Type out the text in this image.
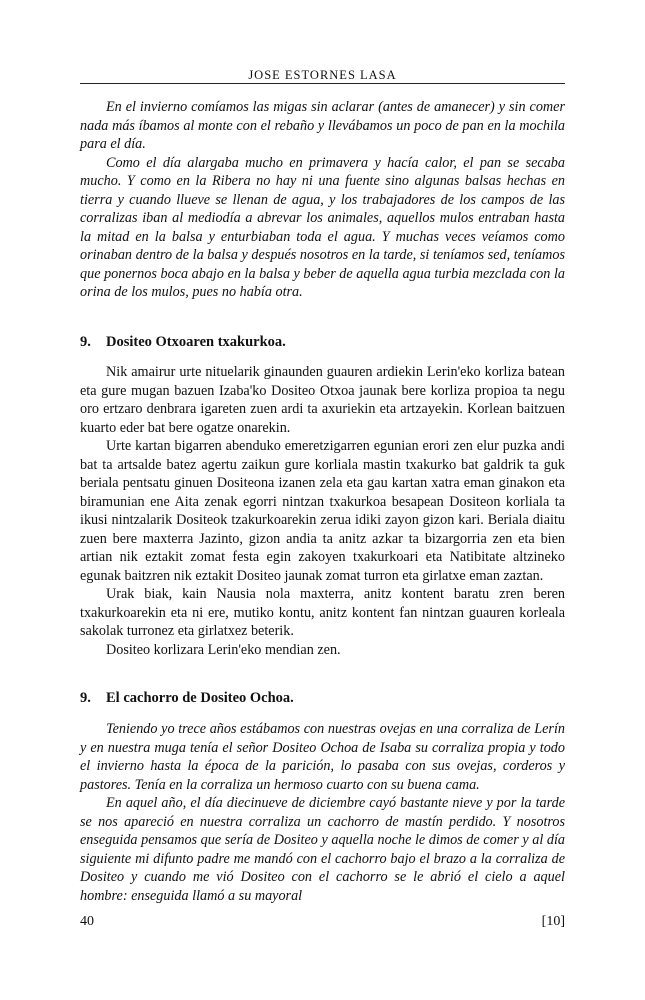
JOSE ESTORNES LASA

En el invierno comíamos las migas sin aclarar (antes de amanecer) y sin comer nada más íbamos al monte con el rebaño y llevábamos un poco de pan en la mochila para el día.

Como el día alargaba mucho en primavera y hacía calor, el pan se secaba mucho. Y como en la Ribera no hay ni una fuente sino algunas balsas hechas en tierra y cuando llueve se llenan de agua, y los trabajadores de los campos de las corralizas iban al mediodía a abrevar los animales, aquellos mulos entraban hasta la mitad en la balsa y enturbiaban toda el agua. Y muchas veces veíamos como orinaban dentro de la balsa y después nosotros en la tarde, si teníamos sed, teníamos que ponernos boca abajo en la balsa y beber de aquella agua turbia mezclada con la orina de los mulos, pues no había otra.

9. Dositeo Otxoaren txakurkoa.

Nik amairur urte nituelarik ginaunden guauren ardiekin Lerin'eko korliza batean eta gure mugan bazuen Izaba'ko Dositeo Otxoa jaunak bere korliza propioa ta negu oro ertzaro denbrara igareten zuen ardi ta axuriekin eta artzayekin. Korlean baitzuen kuarto eder bat bere ogatze onarekin.

Urte kartan bigarren abenduko emeretzigarren egunian erori zen elur puzka andi bat ta artsalde batez agertu zaikun gure korliala mastin txakurko bat galdrik ta guk beriala pentsatu ginuen Dositeona izanen zela eta gau kartan xatra eman ginakon eta biramunian ene Aita zenak egorri nintzan txakurkoa besapean Dositeon korliala ta ikusi nintzalarik Dositeok tzakurkoarekin zerua idiki zayon gizon kari. Beriala diaitu zuen bere maxterra Jazinto, gizon andia ta anitz azkar ta bizargorria zen eta bien artian nik eztakit zomat festa egin zakoyen txakurkoari eta Natibitate altzineko egunak baitzren nik eztakit Dositeo jaunak zomat turron eta girlatxe eman zaztan.

Urak biak, kain Nausia nola maxterra, anitz kontent baratu zren beren txakurkoarekin eta ni ere, mutiko kontu, anitz kontent fan nintzan guauren korleala sakolak turronez eta girlatxez beterik.

Dositeo korlizara Lerin'eko mendian zen.

9. El cachorro de Dositeo Ochoa.

Teniendo yo trece años estábamos con nuestras ovejas en una corraliza de Lerín y en nuestra muga tenía el señor Dositeo Ochoa de Isaba su corraliza propia y todo el invierno hasta la época de la parición, lo pasaba con sus ovejas, corderos y pastores. Tenía en la corraliza un hermoso cuarto con su buena cama.

En aquel año, el día diecinueve de diciembre cayó bastante nieve y por la tarde se nos apareció en nuestra corraliza un cachorro de mastín perdido. Y nosotros enseguida pensamos que sería de Dositeo y aquella noche le dimos de comer y al día siguiente mi difunto padre me mandó con el cachorro bajo el brazo a la corraliza de Dositeo y cuando me vió Dositeo con el cachorro se le abrió el cielo a aquel hombre: enseguida llamó a su mayoral

40	[10]
